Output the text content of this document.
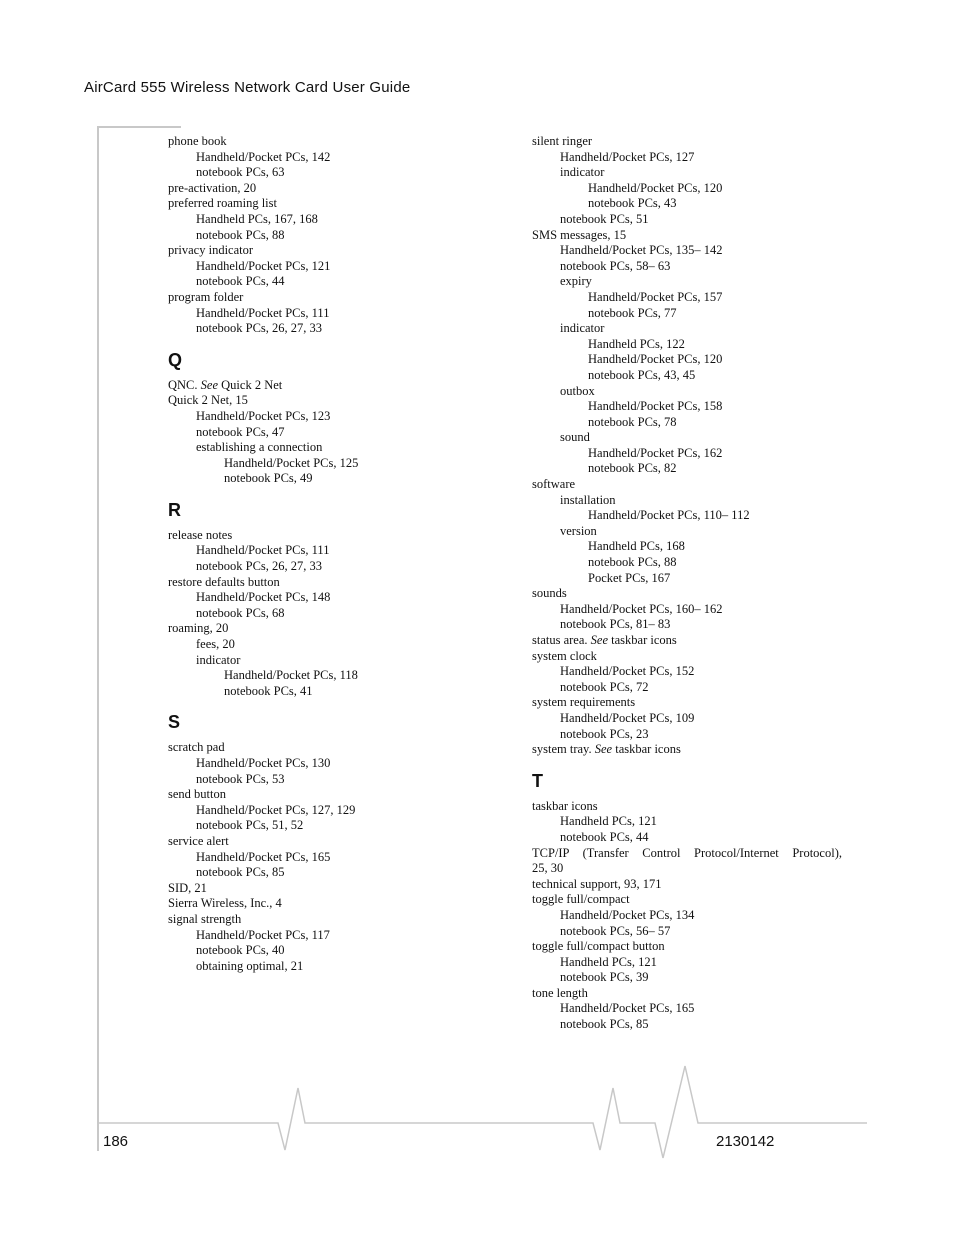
AirCard 555 Wireless Network Card User Guide
phone book
Handheld/Pocket PCs, 142
notebook PCs, 63
pre-activation, 20
preferred roaming list
Handheld PCs, 167, 168
notebook PCs, 88
privacy indicator
Handheld/Pocket PCs, 121
notebook PCs, 44
program folder
Handheld/Pocket PCs, 111
notebook PCs, 26, 27, 33
Q
QNC. See Quick 2 Net
Quick 2 Net, 15
Handheld/Pocket PCs, 123
notebook PCs, 47
establishing a connection
Handheld/Pocket PCs, 125
notebook PCs, 49
R
release notes
Handheld/Pocket PCs, 111
notebook PCs, 26, 27, 33
restore defaults button
Handheld/Pocket PCs, 148
notebook PCs, 68
roaming, 20
fees, 20
indicator
Handheld/Pocket PCs, 118
notebook PCs, 41
S
scratch pad
Handheld/Pocket PCs, 130
notebook PCs, 53
send button
Handheld/Pocket PCs, 127, 129
notebook PCs, 51, 52
service alert
Handheld/Pocket PCs, 165
notebook PCs, 85
SID, 21
Sierra Wireless, Inc., 4
signal strength
Handheld/Pocket PCs, 117
notebook PCs, 40
obtaining optimal, 21
silent ringer
Handheld/Pocket PCs, 127
indicator
Handheld/Pocket PCs, 120
notebook PCs, 43
notebook PCs, 51
SMS messages, 15
Handheld/Pocket PCs, 135– 142
notebook PCs, 58– 63
expiry
Handheld/Pocket PCs, 157
notebook PCs, 77
indicator
Handheld PCs, 122
Handheld/Pocket PCs, 120
notebook PCs, 43, 45
outbox
Handheld/Pocket PCs, 158
notebook PCs, 78
sound
Handheld/Pocket PCs, 162
notebook PCs, 82
software
installation
Handheld/Pocket PCs, 110– 112
version
Handheld PCs, 168
notebook PCs, 88
Pocket PCs, 167
sounds
Handheld/Pocket PCs, 160– 162
notebook PCs, 81– 83
status area. See taskbar icons
system clock
Handheld/Pocket PCs, 152
notebook PCs, 72
system requirements
Handheld/Pocket PCs, 109
notebook PCs, 23
system tray. See taskbar icons
T
taskbar icons
Handheld PCs, 121
notebook PCs, 44
TCP/IP (Transfer Control Protocol/Internet Protocol),
25, 30
technical support, 93, 171
toggle full/compact
Handheld/Pocket PCs, 134
notebook PCs, 56– 57
toggle full/compact button
Handheld PCs, 121
notebook PCs, 39
tone length
Handheld/Pocket PCs, 165
notebook PCs, 85
186	2130142
